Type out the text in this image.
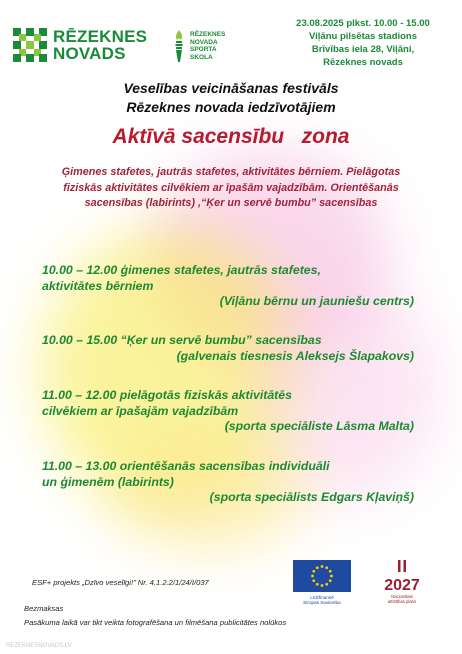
RĒZEKNES
NOVADS
RĒZEKNES
NOVADA
SPORTA
SKOLA
23.08.2025 plkst. 10.00 - 15.00
Viļānu pilsētas stadions
Brīvības iela 28, Viļāni,
Rēzeknes novads
Veselības veicināšanas festivāls
Rēzeknes novada iedzīvotājiem
Aktīvā sacensību   zona
Ģimenes stafetes, jautrās stafetes, aktivitātes bērniem. Pielāgotas
fiziskās aktivitātes cilvēkiem ar īpašām vajadzībām. Orientēšanās
sacensības (labirints) ,“Ķer un servē bumbu” sacensības
10.00 – 12.00 ģimenes stafetes, jautrās stafetes,
aktivitātes bērniem
(Viļānu bērnu un jauniešu centrs)
10.00 – 15.00 “Ķer un servē bumbu” sacensības
(galvenais tiesnesis Aleksejs Šlapakovs)
11.00 – 12.00 pielāgotās fiziskās aktivitātēs
cilvēkiem ar īpašajām vajadzībām
(sporta speciāliste Lāsma Malta)
11.00 – 13.00 orientēšanās sacensības individuāli
un ģimenēm (labirints)
(sporta speciālists Edgars Kļaviņš)
ESF+ projekts „Dzīvo veselīgi!” Nr. 4.1.2.2/1/24/I/037
Bezmaksas
Pasākuma laikā var tikt veikta fotografēšana un filmēšana publicitātes nolūkos
Līdzfinansē
Eiropas Savienība
2027
Nacionālais
attīstības plāns
REZEKNESNOVADS.LV
